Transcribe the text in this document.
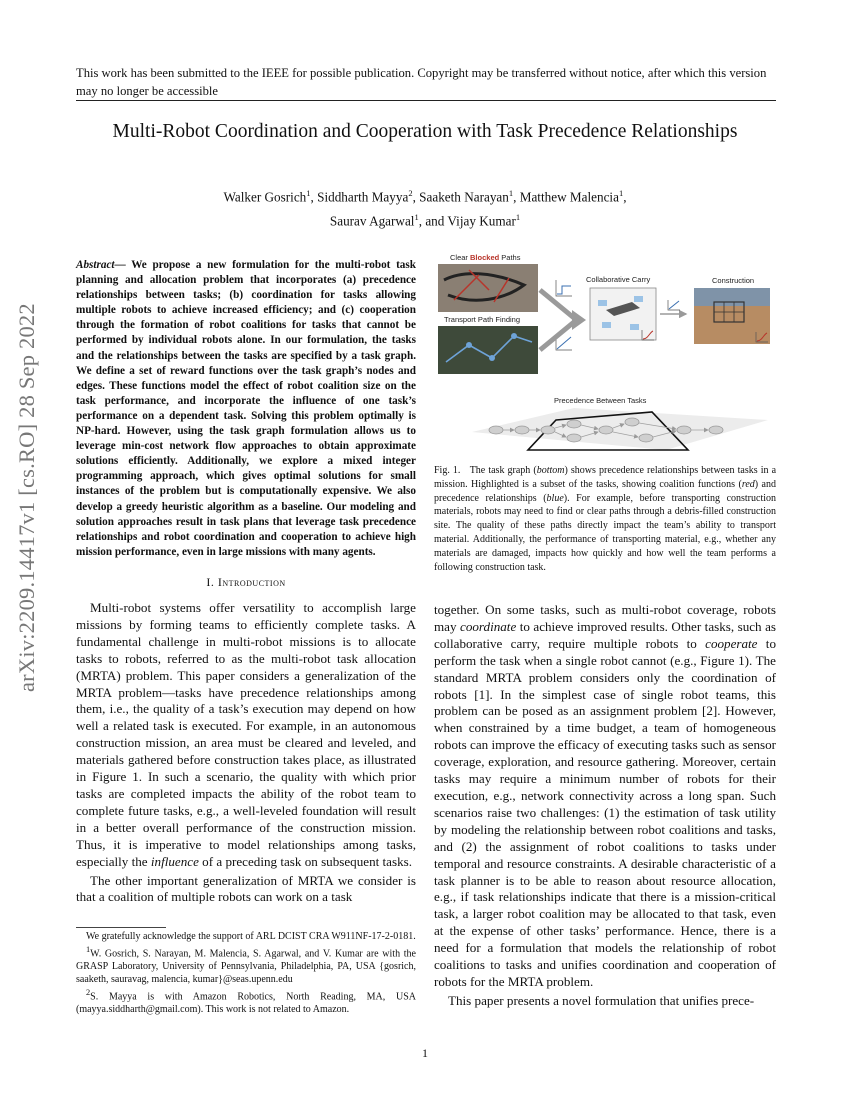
This work has been submitted to the IEEE for possible publication. Copyright may be transferred without notice, after which this version may no longer be accessible
Multi-Robot Coordination and Cooperation with Task Precedence Relationships
Walker Gosrich$^1$, Siddharth Mayya$^2$, Saaketh Narayan$^1$, Matthew Malencia$^1$,
Saurav Agarwal$^1$, and Vijay Kumar$^1$
arXiv:2209.14417v1 [cs.RO] 28 Sep 2022
Abstract— We propose a new formulation for the multi-robot task planning and allocation problem that incorporates (a) precedence relationships between tasks; (b) coordination for tasks allowing multiple robots to achieve increased efficiency; and (c) cooperation through the formation of robot coalitions for tasks that cannot be performed by individual robots alone. In our formulation, the tasks and the relationships between the tasks are specified by a task graph. We define a set of reward functions over the task graph’s nodes and edges. These functions model the effect of robot coalition size on the task performance, and incorporate the influence of one task’s performance on a dependent task. Solving this problem optimally is NP-hard. However, using the task graph formulation allows us to leverage min-cost network flow approaches to obtain approximate solutions efficiently. Additionally, we explore a mixed integer programming approach, which gives optimal solutions for small instances of the problem but is computationally expensive. We also develop a greedy heuristic algorithm as a baseline. Our modeling and solution approaches result in task plans that leverage task precedence relationships and robot coordination and cooperation to achieve high mission performance, even in large missions with many agents.
I. Introduction

Multi-robot systems offer versatility to accomplish large missions by forming teams to efficiently complete tasks. A fundamental challenge in multi-robot missions is to allocate tasks to robots, referred to as the multi-robot task allocation (MRTA) problem. This paper considers a generalization of the MRTA problem—tasks have precedence relationships among them, i.e., the quality of a task’s execution may depend on how well a related task is executed. For example, in an autonomous construction mission, an area must be cleared and leveled, and materials gathered before construction takes place, as illustrated in Figure 1. In such a scenario, the quality with which prior tasks are completed impacts the ability of the robot team to complete future tasks, e.g., a well-leveled foundation will result in a better overall performance of the construction mission. Thus, it is imperative to model relationships among tasks, especially the influence of a preceding task on subsequent tasks.

The other important generalization of MRTA we consider is that a coalition of multiple robots can work on a task

We gratefully acknowledge the support of ARL DCIST CRA W911NF-17-2-0181.

$^1$W. Gosrich, S. Narayan, M. Malencia, S. Agarwal, and V. Kumar are with the GRASP Laboratory, University of Pennsylvania, Philadelphia, PA, USA {gosrich, saaketh, sauravag, malencia, kumar}@seas.upenn.edu

$^2$S. Mayya is with Amazon Robotics, North Reading, MA, USA (mayya.siddharth@gmail.com). This work is not related to Amazon.

Clear Blocked Paths
Transport Path Finding
Collaborative Carry	Construction
Precedence Between Tasks
Fig. 1. The task graph (bottom) shows precedence relationships between tasks in a mission. Highlighted is a subset of the tasks, showing coalition functions (red) and precedence relationships (blue). For example, before transporting construction materials, robots may need to find or clear paths through a debris-filled construction site. The quality of these paths directly impact the team’s ability to transport material. Additionally, the performance of transporting material, e.g., whether any materials are damaged, impacts how quickly and how well the team performs a following construction task.

together. On some tasks, such as multi-robot coverage, robots may coordinate to achieve improved results. Other tasks, such as collaborative carry, require multiple robots to cooperate to perform the task when a single robot cannot (e.g., Figure 1). The standard MRTA problem considers only the coordination of robots [1]. In the simplest case of single robot teams, this problem can be posed as an assignment problem [2]. However, when constrained by a time budget, a team of homogeneous robots can improve the efficacy of executing tasks such as sensor coverage, exploration, and resource gathering. Moreover, certain tasks may require a minimum number of robots for their execution, e.g., network connectivity across a long span. Such scenarios raise two challenges: (1) the estimation of task utility by modeling the relationship between robot coalitions and tasks, and (2) the assignment of robot coalitions to tasks under temporal and resource constraints. A desirable characteristic of a task planner is to be able to reason about resource allocation, e.g., if task relationships indicate that there is a mission-critical task, a larger robot coalition may be allocated to that task, even at the expense of other tasks’ performance. Hence, there is a need for a formulation that models the relationship of robot coalitions to tasks and unifies coordination and cooperation of robots for the MRTA problem.

This paper presents a novel formulation that unifies prece-

1
